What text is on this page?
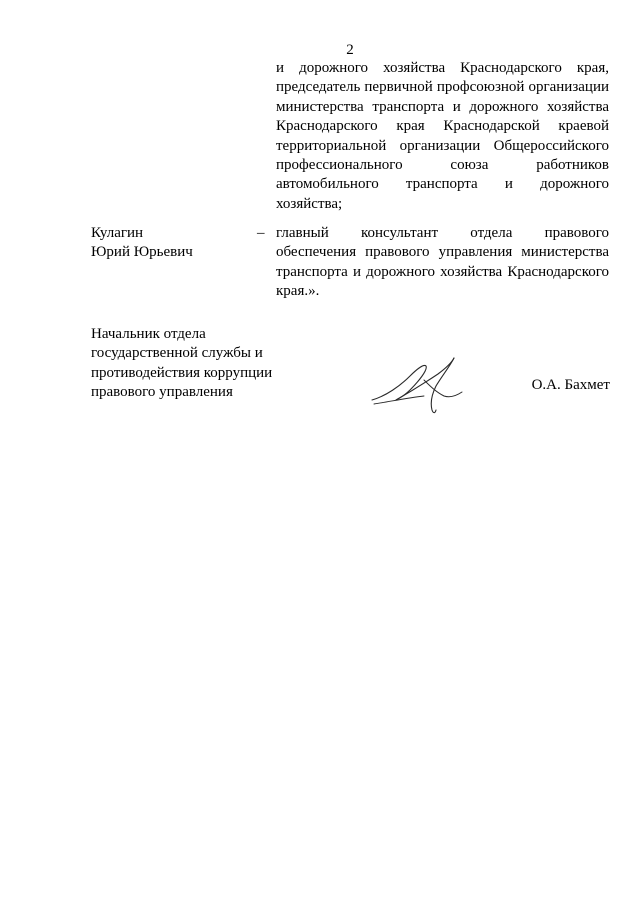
2
и дорожного хозяйства Краснодарского края,
председатель первичной профсоюзной организации
министерства транспорта и дорожного хозяйства
Краснодарского края Краснодарской краевой
территориальной организации Общероссийского
профессионального союза работников
автомобильного транспорта и дорожного
хозяйства;
Кулагин
Юрий Юрьевич
– главный консультант отдела правового
обеспечения правового управления министерства
транспорта и дорожного хозяйства Краснодарского
края.».
Начальник отдела
государственной службы и
противодействия коррупции
правового управления	О.А. Бахмет
